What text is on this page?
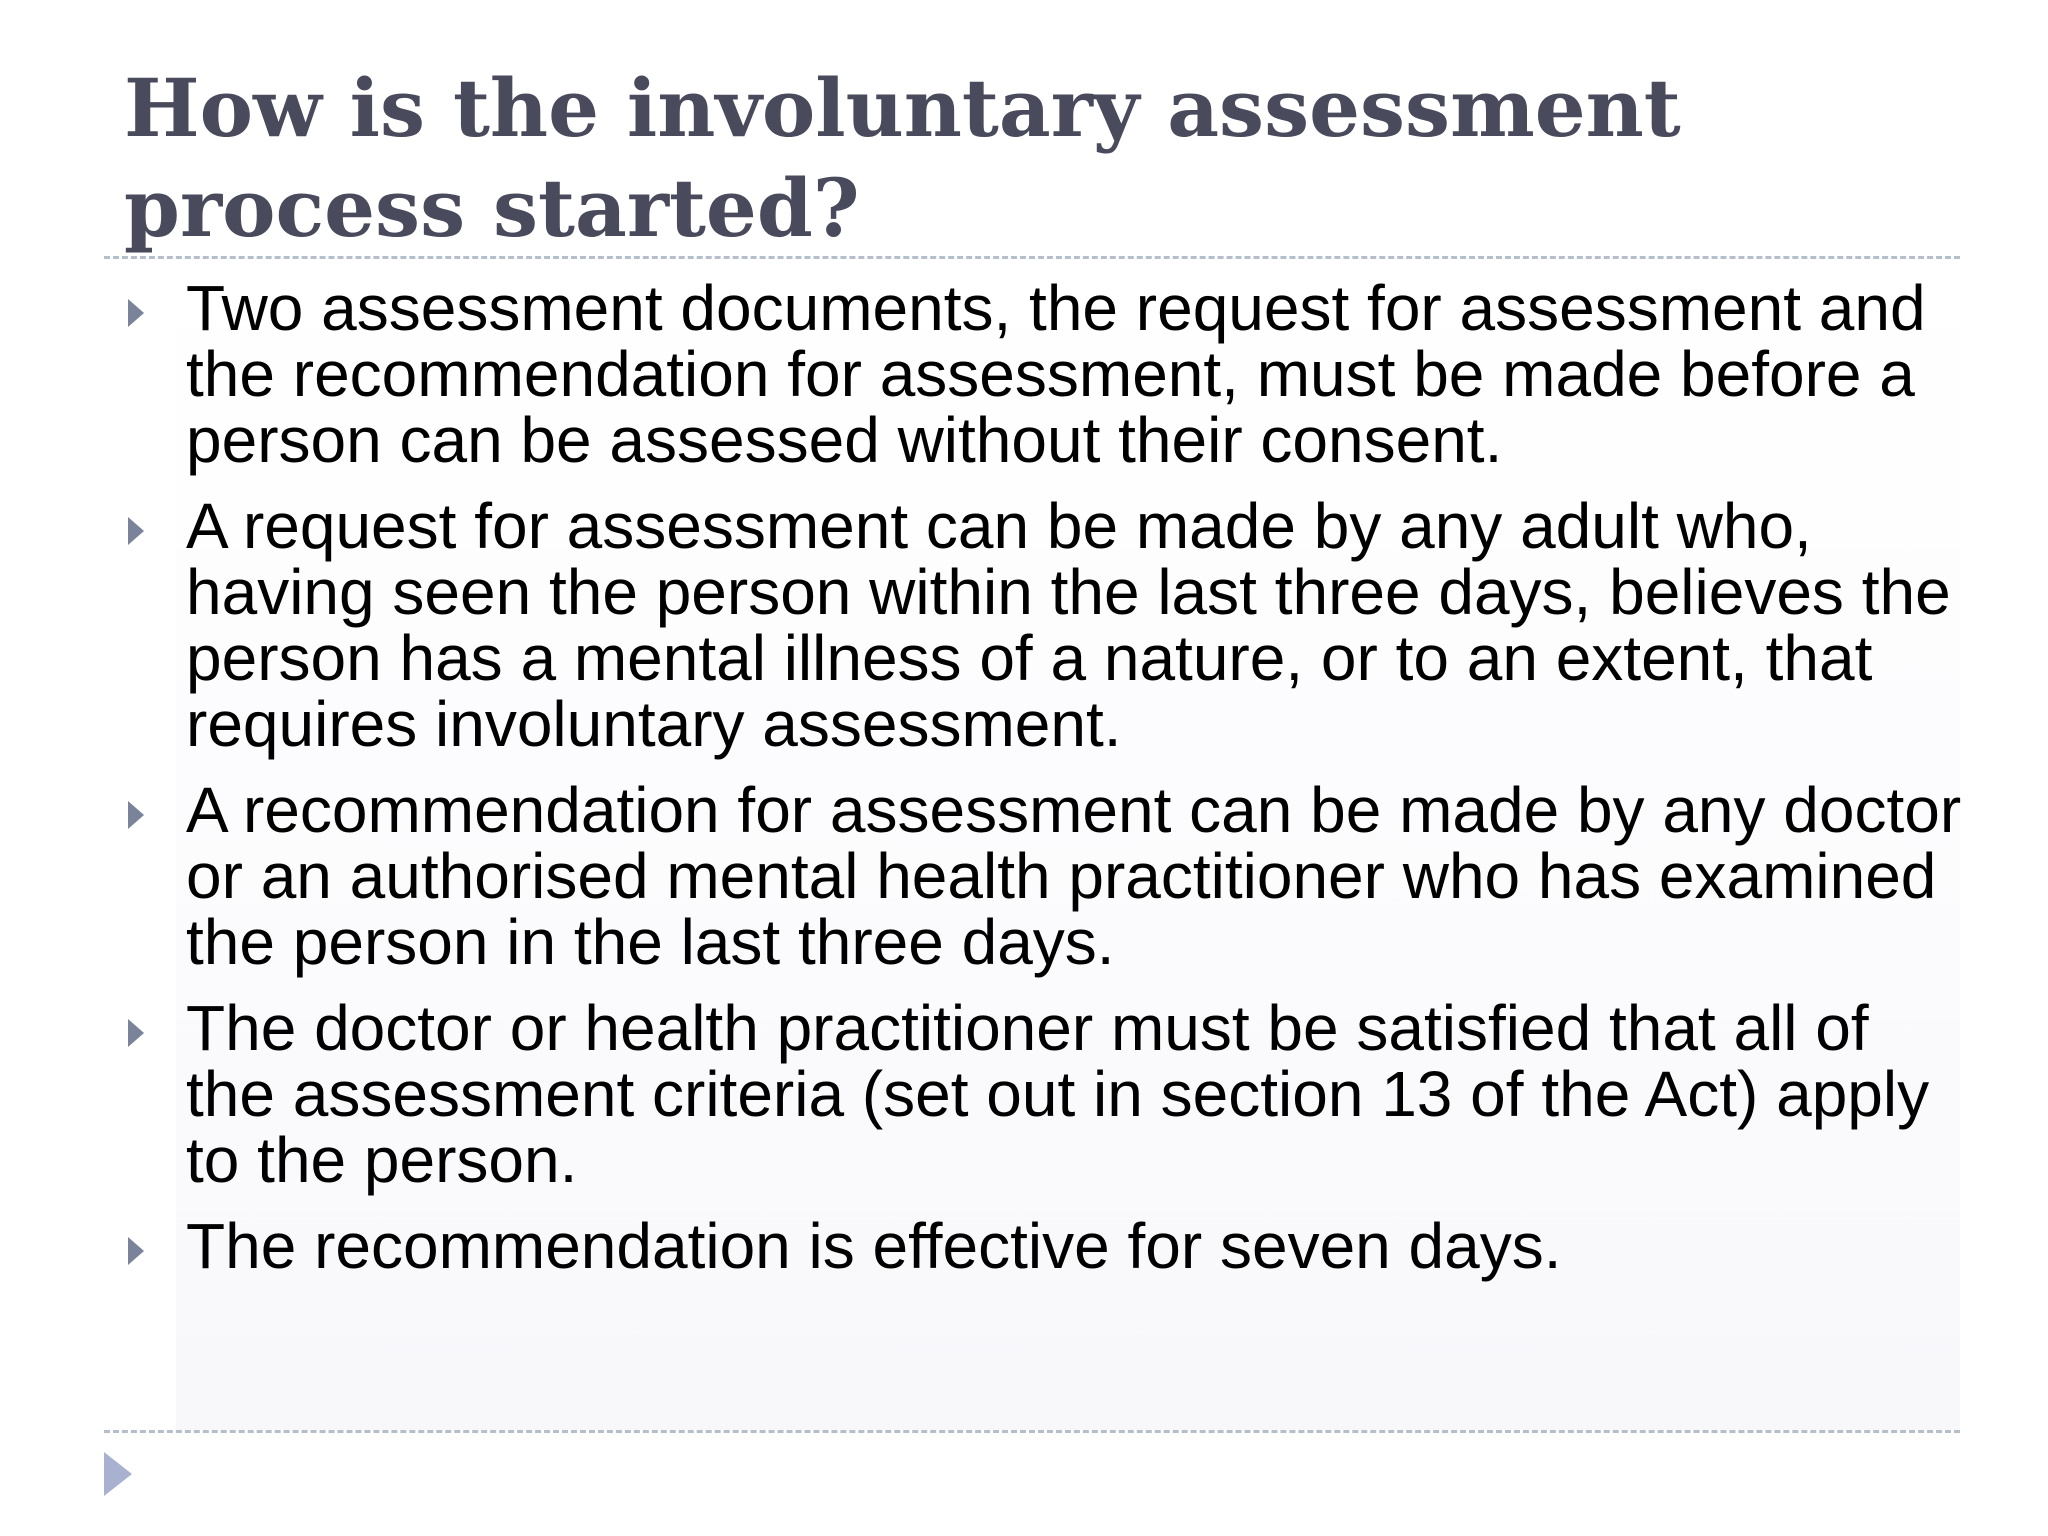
How is the involuntary assessment process started?
Two assessment documents, the request for assessment and the recommendation for assessment, must be made before a person can be assessed without their consent.
A request for assessment can be made by any adult who, having seen the person within the last three days, believes the person has a mental illness of a nature, or to an extent, that requires involuntary assessment.
A recommendation for assessment can be made by any doctor or an authorised mental health practitioner who has examined the person in the last three days.
The doctor or health practitioner must be satisfied that all of the assessment criteria (set out in section 13 of the Act) apply to the person.
The recommendation is effective for seven days.
